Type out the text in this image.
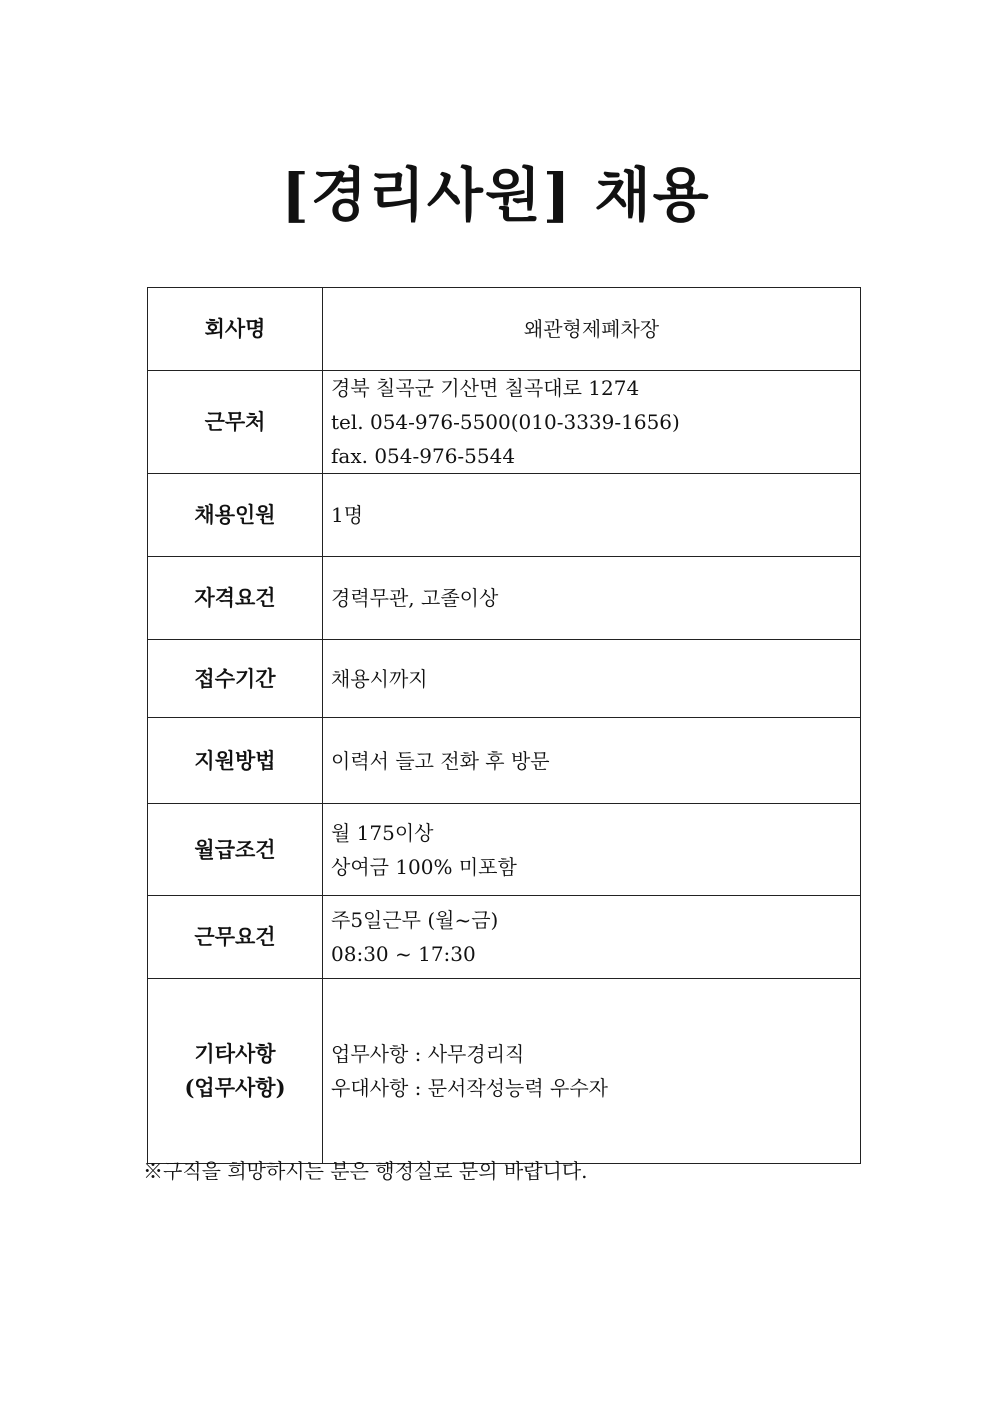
[경리사원] 채용
회사명	왜관형제폐차장

근무처	경북 칠곡군 기산면 칠곡대로 1274
tel. 054-976-5500(010-3339-1656)
fax. 054-976-5544

채용인원	1명

자격요건	경력무관, 고졸이상

접수기간	채용시까지

지원방법	이력서 들고 전화 후 방문

월급조건	월 175이상
상여금 100% 미포함

근무요건	주5일근무 (월~금)
08:30 ~ 17:30

기타사항
(업무사항)	업무사항 : 사무경리직
우대사항 : 문서작성능력 우수자
※구직을 희망하시는 분은 행정실로 문의 바랍니다.
